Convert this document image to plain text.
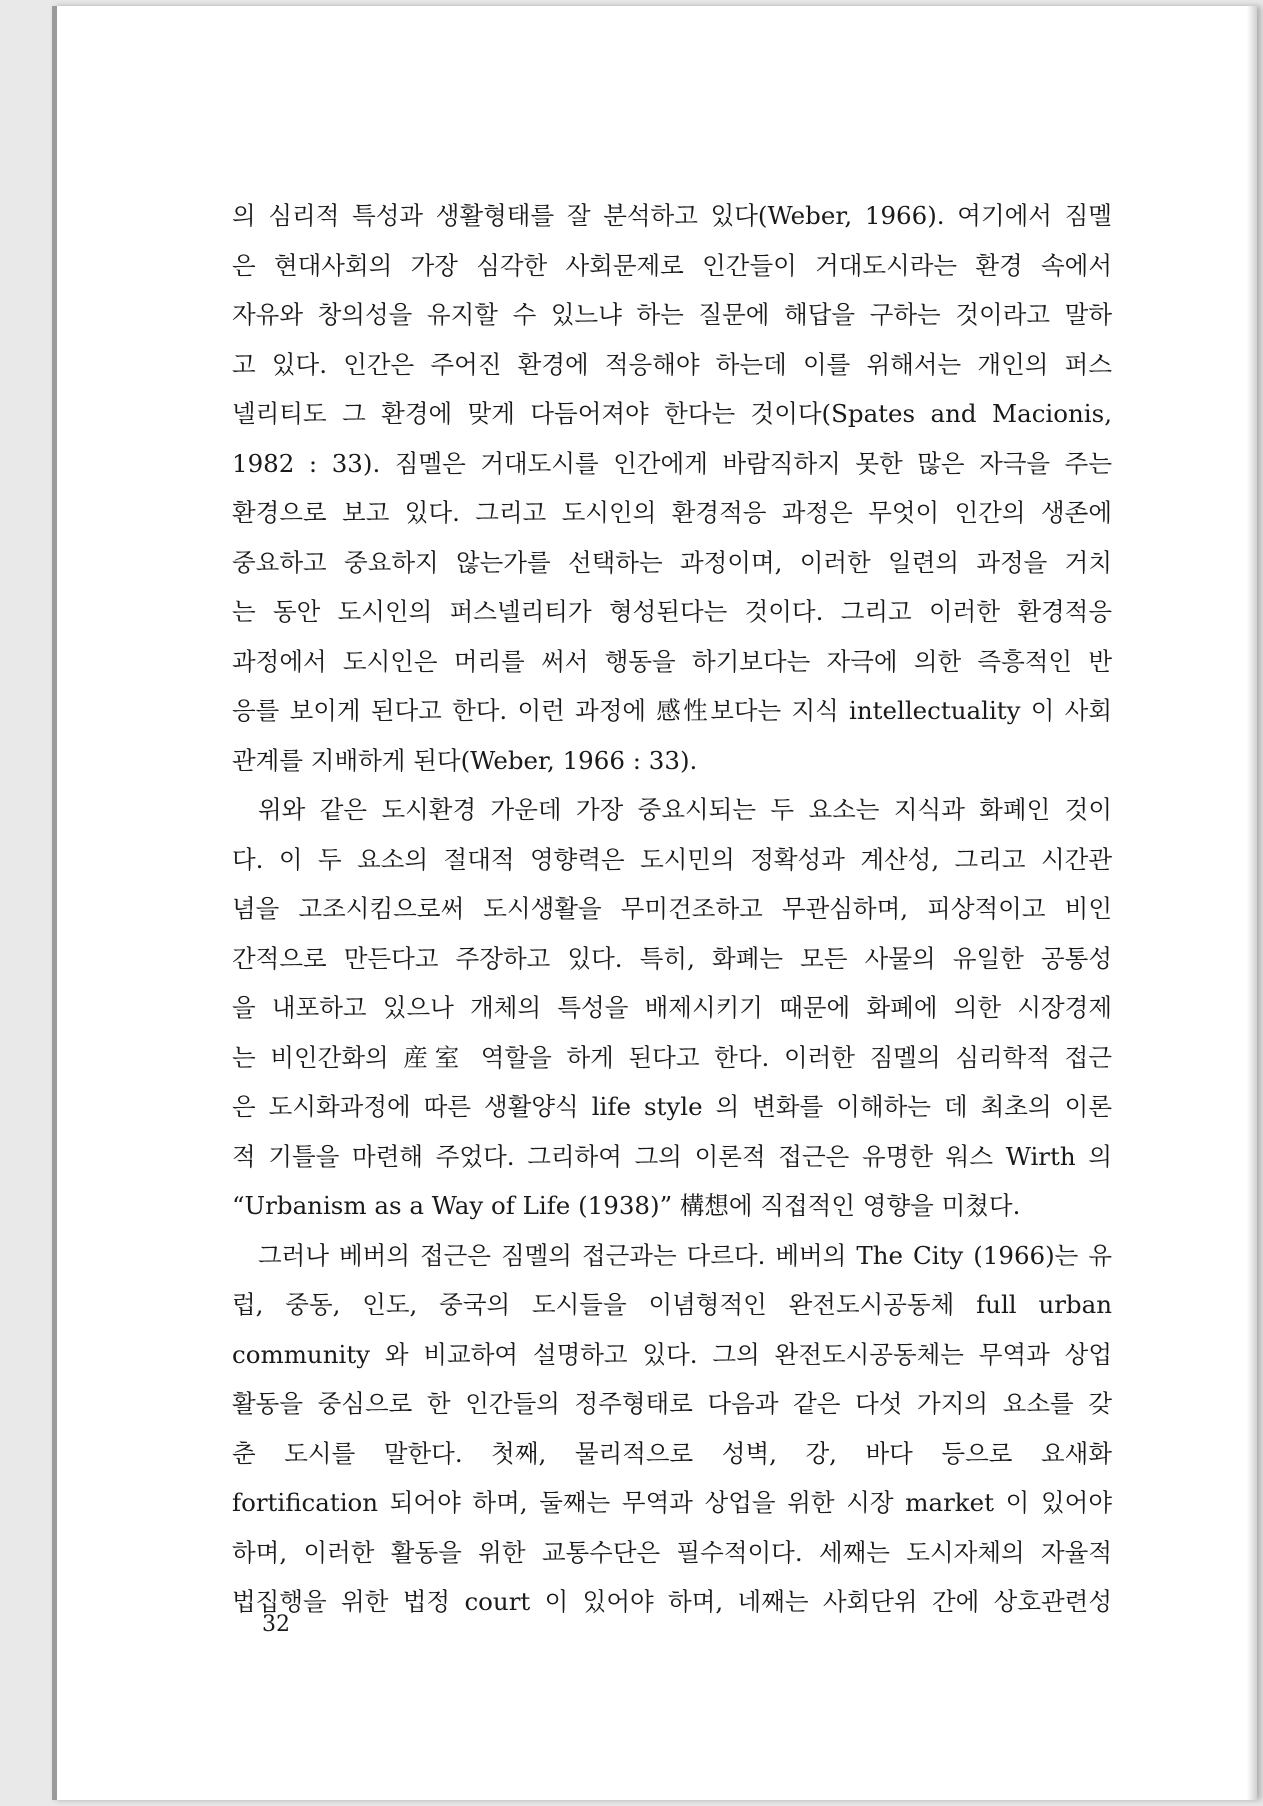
의 심리적 특성과 생활형태를 잘 분석하고 있다(Weber, 1966). 여기에서 짐멜
은 현대사회의 가장 심각한 사회문제로 인간들이 거대도시라는 환경 속에서
자유와 창의성을 유지할 수 있느냐 하는 질문에 해답을 구하는 것이라고 말하
고 있다. 인간은 주어진 환경에 적응해야 하는데 이를 위해서는 개인의 퍼스
넬리티도 그 환경에 맞게 다듬어져야 한다는 것이다(Spates and Macionis,
1982 : 33). 짐멜은 거대도시를 인간에게 바람직하지 못한 많은 자극을 주는
환경으로 보고 있다. 그리고 도시인의 환경적응 과정은 무엇이 인간의 생존에
중요하고 중요하지 않는가를 선택하는 과정이며, 이러한 일련의 과정을 거치
는 동안 도시인의 퍼스넬리티가 형성된다는 것이다. 그리고 이러한 환경적응
과정에서 도시인은 머리를 써서 행동을 하기보다는 자극에 의한 즉흥적인 반
응를 보이게 된다고 한다. 이런 과정에 感性보다는 지식 intellectuality 이 사회
관계를 지배하게 된다(Weber, 1966 : 33).
위와 같은 도시환경 가운데 가장 중요시되는 두 요소는 지식과 화폐인 것이
다. 이 두 요소의 절대적 영향력은 도시민의 정확성과 계산성, 그리고 시간관
념을 고조시킴으로써 도시생활을 무미건조하고 무관심하며, 피상적이고 비인
간적으로 만든다고 주장하고 있다. 특히, 화폐는 모든 사물의 유일한 공통성
을 내포하고 있으나 개체의 특성을 배제시키기 때문에 화폐에 의한 시장경제
는 비인간화의 産室 역할을 하게 된다고 한다. 이러한 짐멜의 심리학적 접근
은 도시화과정에 따른 생활양식 life style 의 변화를 이해하는 데 최초의 이론
적 기틀을 마련해 주었다. 그리하여 그의 이론적 접근은 유명한 워스 Wirth 의
“Urbanism as a Way of Life (1938)” 構想에 직접적인 영향을 미쳤다.
그러나 베버의 접근은 짐멜의 접근과는 다르다. 베버의 The City (1966)는 유
럽, 중동, 인도, 중국의 도시들을 이념형적인 완전도시공동체 full urban
community 와 비교하여 설명하고 있다. 그의 완전도시공동체는 무역과 상업
활동을 중심으로 한 인간들의 정주형태로 다음과 같은 다섯 가지의 요소를 갖
춘 도시를 말한다. 첫째, 물리적으로 성벽, 강, 바다 등으로 요새화
fortification 되어야 하며, 둘째는 무역과 상업을 위한 시장 market 이 있어야
하며, 이러한 활동을 위한 교통수단은 필수적이다. 세째는 도시자체의 자율적
법집행을 위한 법정 court 이 있어야 하며, 네째는 사회단위 간에 상호관련성
32
